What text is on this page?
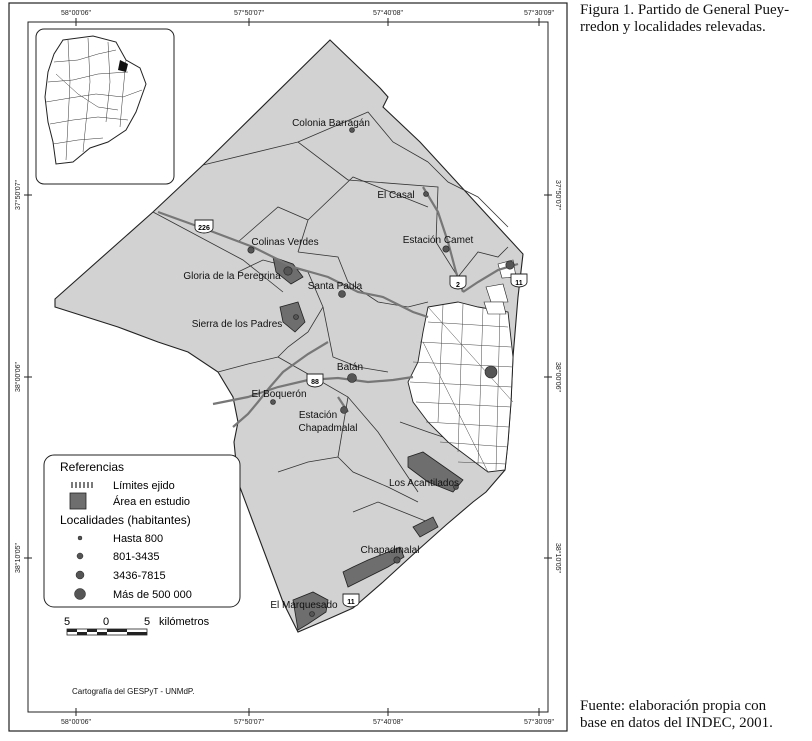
Figura 1. Partido de General Puey-
rredon y localidades relevadas.
Fuente: elaboración propia con
base en datos del INDEC, 2001.
58°00'06"	57°50'07"	57°40'08"	57°30'09"
58°00'06"	57°50'07"	57°40'08"	57°30'09"
37°50'07"
38°00'06"
38°10'05"
37°50'07"
38°00'06"
38°10'05"
226
2	11
88
11
Colonia Barragán
El Casal
Estación Camet
Colinas Verdes
Gloria de la Peregrina
Santa Paula
Sierra de los Padres
Batán
El Boquerón
Estación
Chapadmalal
Los Acantilados
Chapadmalal
El Marquesado
Referencias
Límites ejido
Área en estudio
Localidades (habitantes)
Hasta 800
801-3435
3436-7815
Más de 500 000
5	0	5 kilómetros
Cartografía del GESPyT - UNMdP.
